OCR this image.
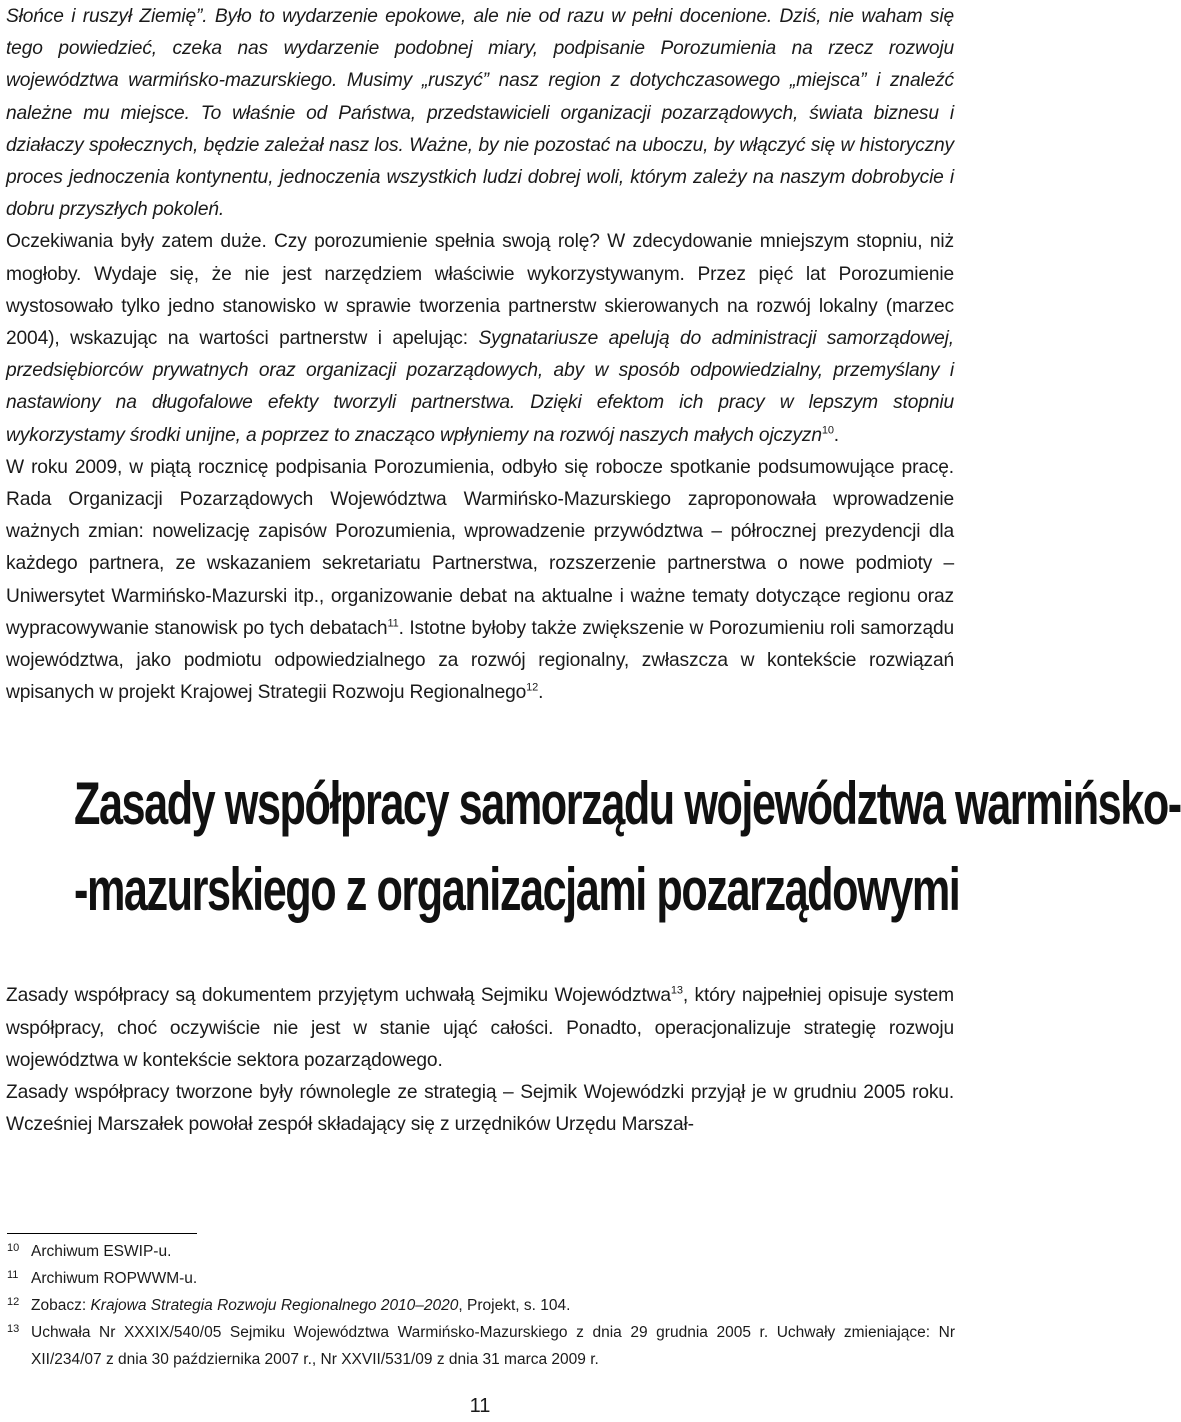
Słońce i ruszył Ziemię”. Było to wydarzenie epokowe, ale nie od razu w pełni docenione. Dziś, nie waham się tego powiedzieć, czeka nas wydarzenie podobnej miary, podpisanie Porozumienia na rzecz rozwoju województwa warmińsko-mazurskiego. Musimy „ruszyć” nasz region z dotychczasowego „miejsca” i znaleźć należne mu miejsce. To właśnie od Państwa, przedstawicieli organizacji pozarządowych, świata biznesu i działaczy społecznych, będzie zależał nasz los. Ważne, by nie pozostać na uboczu, by włączyć się w historyczny proces jednoczenia kontynentu, jednoczenia wszystkich ludzi dobrej woli, którym zależy na naszym dobrobycie i dobru przyszłych pokoleń.

Oczekiwania były zatem duże. Czy porozumienie spełnia swoją rolę? W zdecydowanie mniejszym stopniu, niż mogłoby. Wydaje się, że nie jest narzędziem właściwie wykorzystywanym. Przez pięć lat Porozumienie wystosowało tylko jedno stanowisko w sprawie tworzenia partnerstw skierowanych na rozwój lokalny (marzec 2004), wskazując na wartości partnerstw i apelując: Sygnatariusze apelują do administracji samorządowej, przedsiębiorców prywatnych oraz organizacji pozarządowych, aby w sposób odpowiedzialny, przemyślany i nastawiony na długofalowe efekty tworzyli partnerstwa. Dzięki efektom ich pracy w lepszym stopniu wykorzystamy środki unijne, a poprzez to znacząco wpłyniemy na rozwój naszych małych ojczyzn$^{10}$.

W roku 2009, w piątą rocznicę podpisania Porozumienia, odbyło się robocze spotkanie podsumowujące pracę. Rada Organizacji Pozarządowych Województwa Warmińsko-Mazurskiego zaproponowała wprowadzenie ważnych zmian: nowelizację zapisów Porozumienia, wprowadzenie przywództwa – półrocznej prezydencji dla każdego partnera, ze wskazaniem sekretariatu Partnerstwa, rozszerzenie partnerstwa o nowe podmioty – Uniwersytet Warmińsko-Mazurski itp., organizowanie debat na aktualne i ważne tematy dotyczące regionu oraz wypracowywanie stanowisk po tych debatach$^{11}$. Istotne byłoby także zwiększenie w Porozumieniu roli samorządu województwa, jako podmiotu odpowiedzialnego za rozwój regionalny, zwłaszcza w kontekście rozwiązań wpisanych w projekt Krajowej Strategii Rozwoju Regionalnego$^{12}$.

Zasady współpracy samorządu województwa warmińsko-
-mazurskiego z organizacjami pozarządowymi

Zasady współpracy są dokumentem przyjętym uchwałą Sejmiku Województwa$^{13}$, który najpełniej opisuje system współpracy, choć oczywiście nie jest w stanie ująć całości. Ponadto, operacjonalizuje strategię rozwoju województwa w kontekście sektora pozarządowego.

Zasady współpracy tworzone były równolegle ze strategią – Sejmik Wojewódzki przyjął je w grudniu 2005 roku. Wcześniej Marszałek powołał zespół składający się z urzędników Urzędu Marszał-

10 Archiwum ESWIP-u.
11 Archiwum ROPWWM-u.
12 Zobacz: Krajowa Strategia Rozwoju Regionalnego 2010–2020, Projekt, s. 104.
13 Uchwała Nr XXXIX/540/05 Sejmiku Województwa Warmińsko-Mazurskiego z dnia 29 grudnia 2005 r. Uchwały zmieniające: Nr XII/234/07 z dnia 30 października 2007 r., Nr XXVII/531/09 z dnia 31 marca 2009 r.
11
